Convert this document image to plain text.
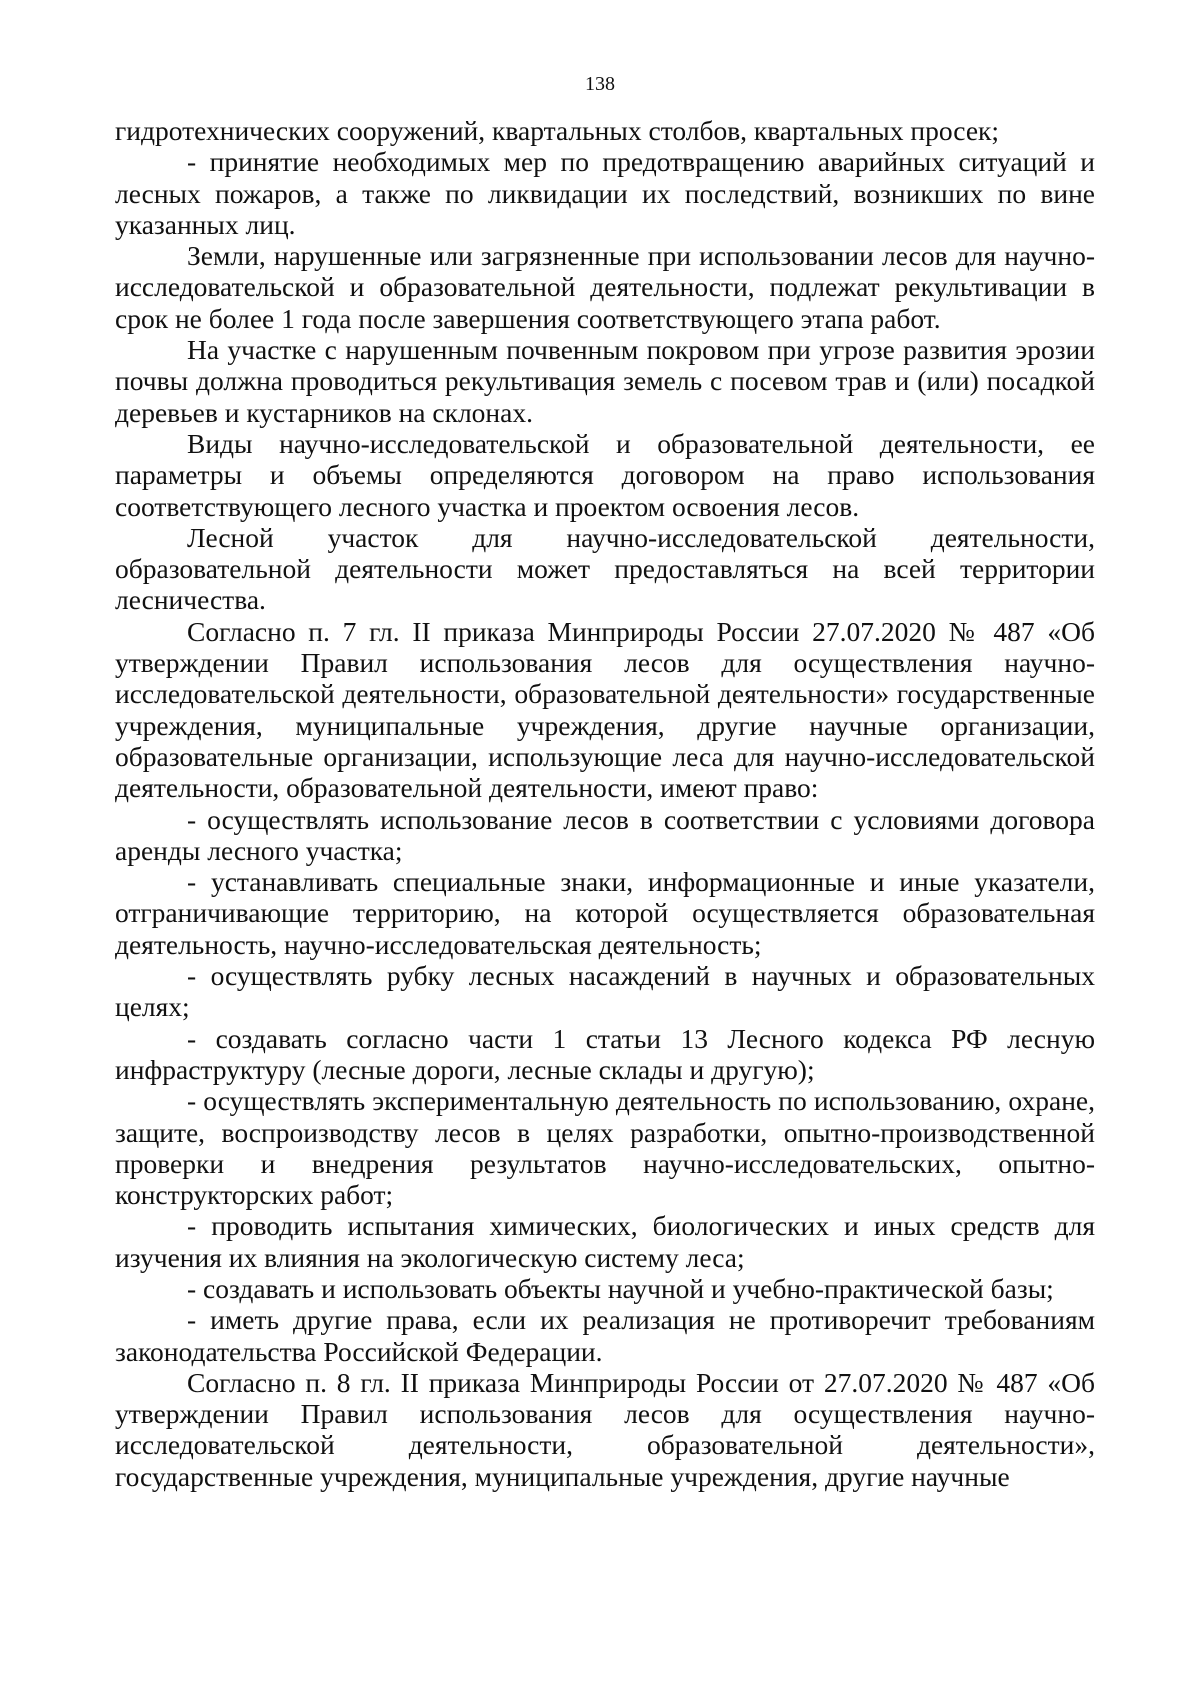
138

гидротехнических сооружений, квартальных столбов, квартальных просек;

- принятие необходимых мер по предотвращению аварийных ситуаций и лесных пожаров, а также по ликвидации их последствий, возникших по вине указанных лиц.

Земли, нарушенные или загрязненные при использовании лесов для научно-исследовательской и образовательной деятельности, подлежат рекультивации в срок не более 1 года после завершения соответствующего этапа работ.

На участке с нарушенным почвенным покровом при угрозе развития эрозии почвы должна проводиться рекультивация земель с посевом трав и (или) посадкой деревьев и кустарников на склонах.

Виды научно-исследовательской и образовательной деятельности, ее параметры и объемы определяются договором на право использования соответствующего лесного участка и проектом освоения лесов.

Лесной участок для научно-исследовательской деятельности, образовательной деятельности может предоставляться на всей территории лесничества.

Согласно п. 7 гл. II приказа Минприроды России 27.07.2020 № 487 «Об утверждении Правил использования лесов для осуществления научно-исследовательской деятельности, образовательной деятельности» государственные учреждения, муниципальные учреждения, другие научные организации, образовательные организации, использующие леса для научно-исследовательской деятельности, образовательной деятельности, имеют право:

- осуществлять использование лесов в соответствии с условиями договора аренды лесного участка;

- устанавливать специальные знаки, информационные и иные указатели, отграничивающие территорию, на которой осуществляется образовательная деятельность, научно-исследовательская деятельность;

- осуществлять рубку лесных насаждений в научных и образовательных целях;

- создавать согласно части 1 статьи 13 Лесного кодекса РФ лесную инфраструктуру (лесные дороги, лесные склады и другую);

- осуществлять экспериментальную деятельность по использованию, охране, защите, воспроизводству лесов в целях разработки, опытно-производственной проверки и внедрения результатов научно-исследовательских, опытно-конструкторских работ;

- проводить испытания химических, биологических и иных средств для изучения их влияния на экологическую систему леса;

- создавать и использовать объекты научной и учебно-практической базы;

- иметь другие права, если их реализация не противоречит требованиям законодательства Российской Федерации.

Согласно п. 8 гл. II приказа Минприроды России от 27.07.2020 № 487 «Об утверждении Правил использования лесов для осуществления научно-исследовательской деятельности, образовательной деятельности», государственные учреждения, муниципальные учреждения, другие научные
